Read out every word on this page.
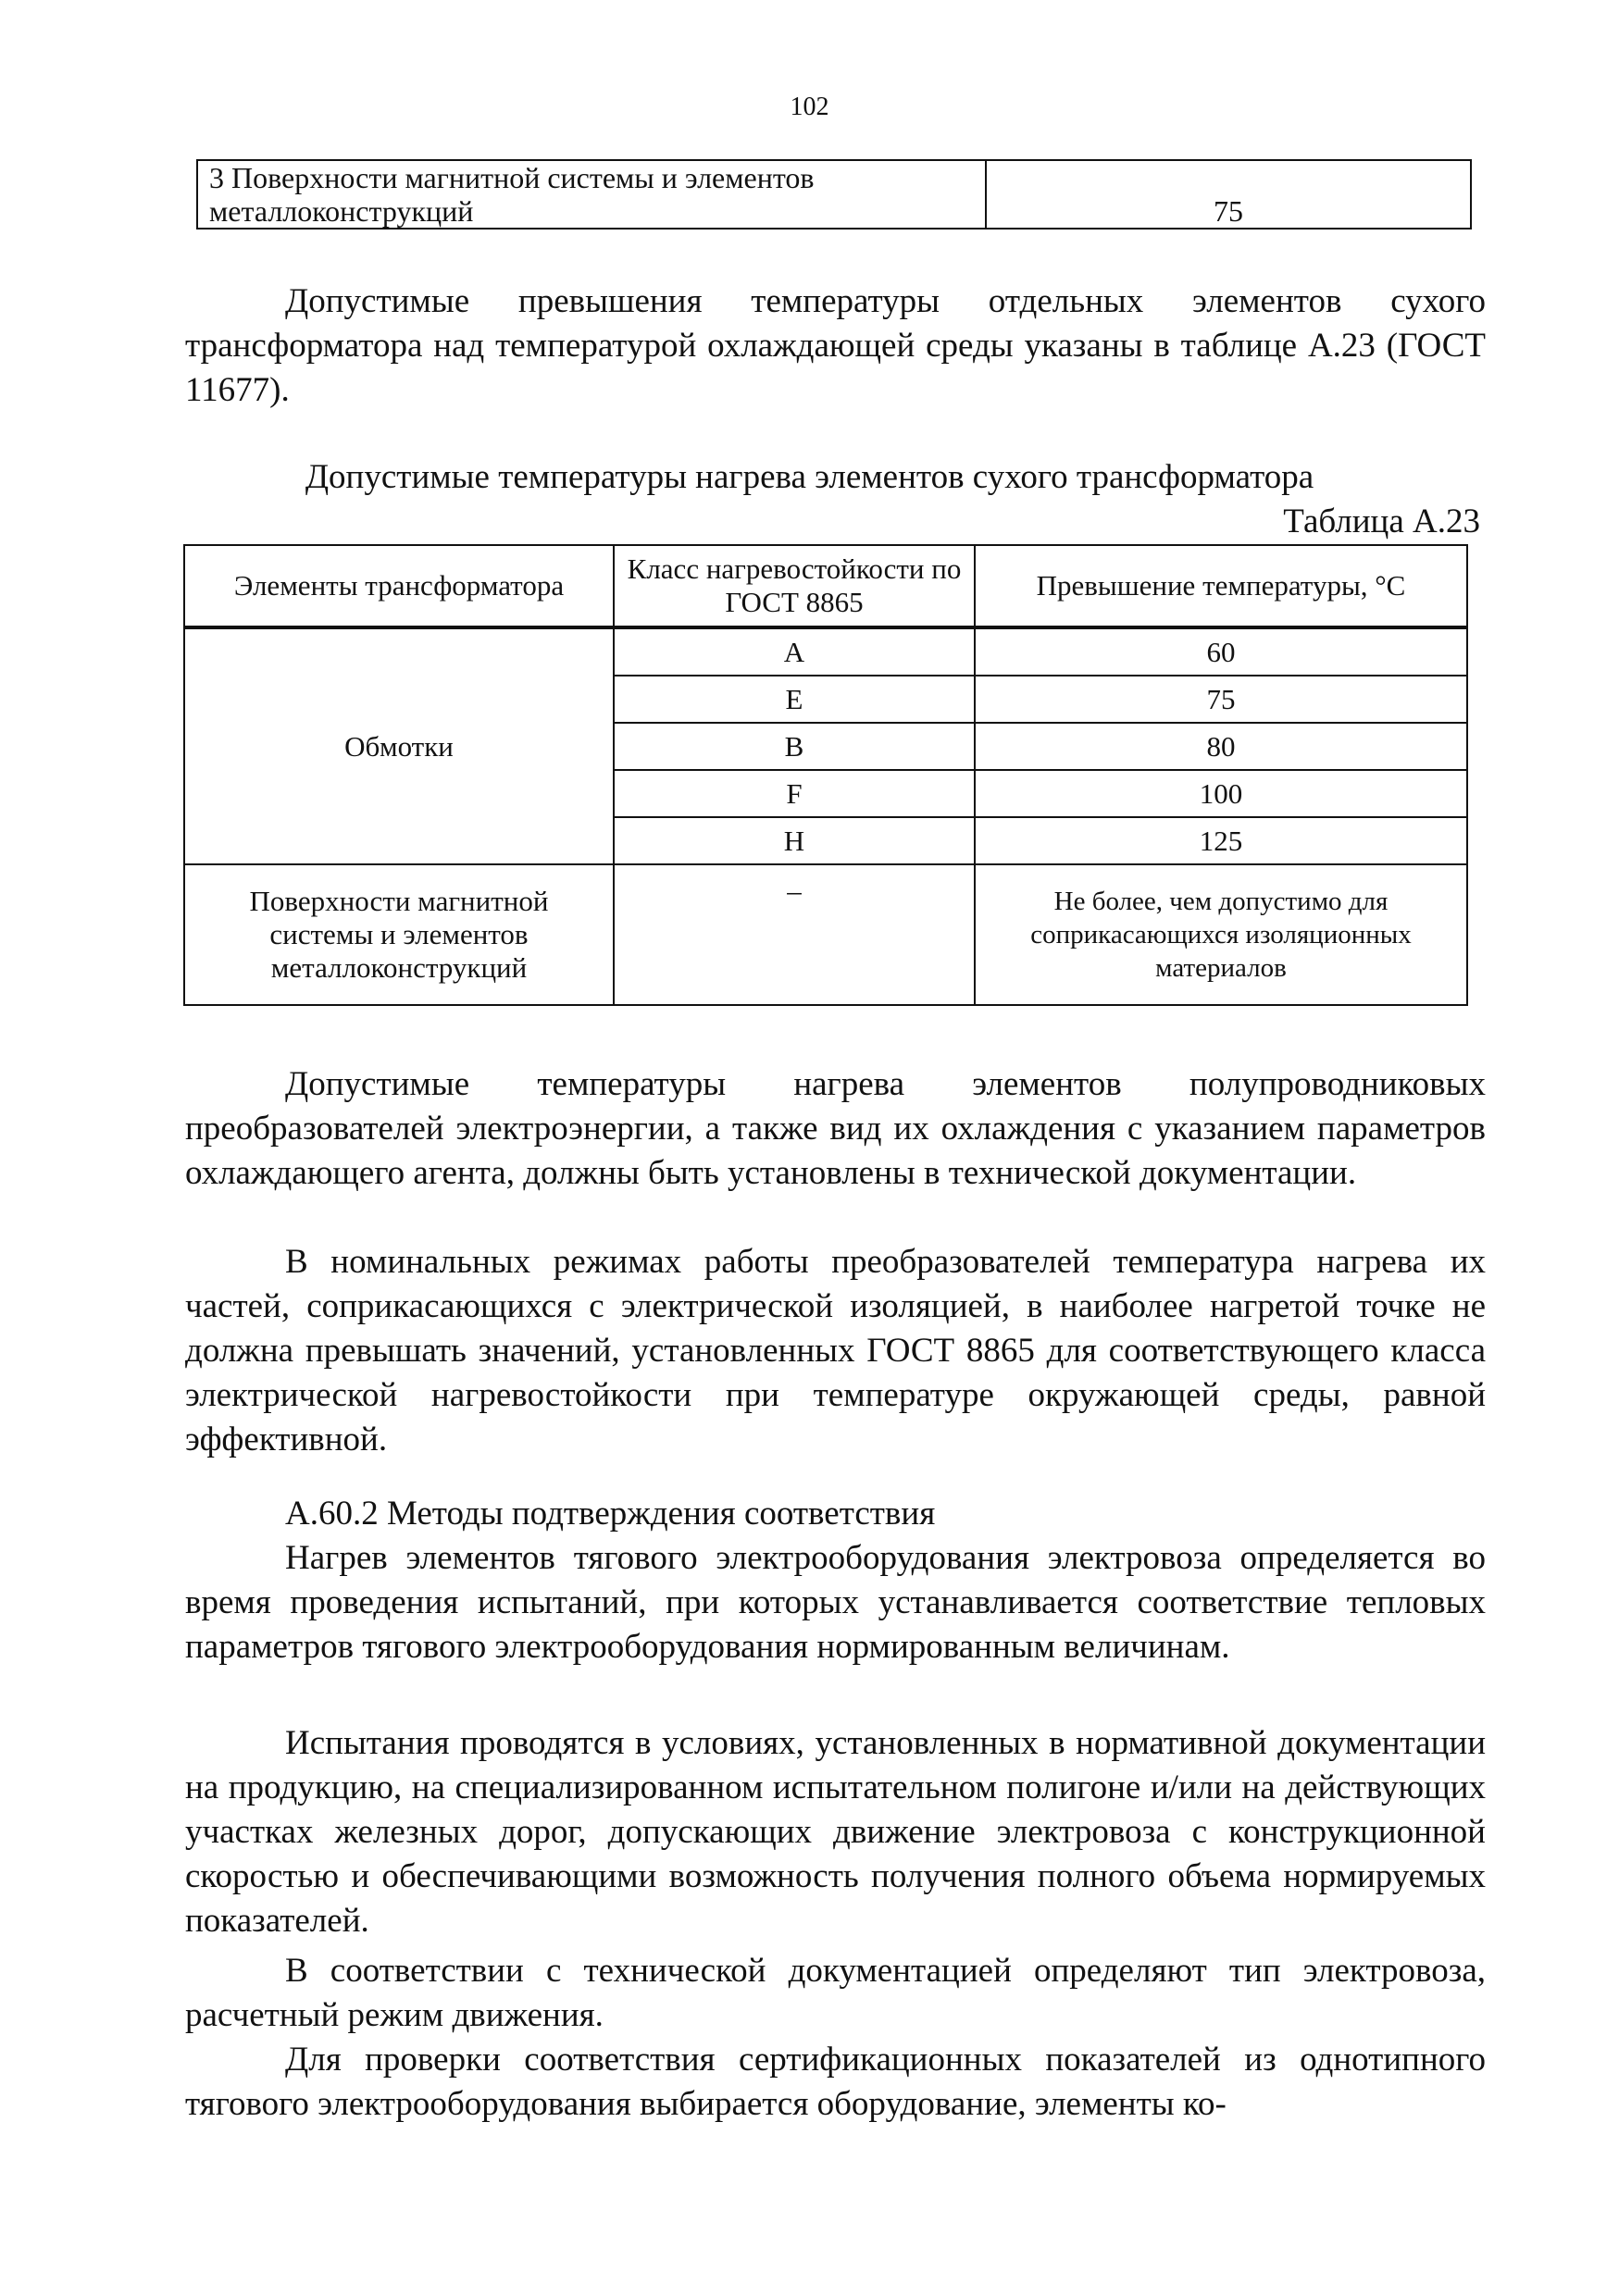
102
3 Поверхности магнитной системы и элементов металлоконструкций	75

Допустимые превышения температуры отдельных элементов сухого трансформатора над температурой охлаждающей среды указаны в таблице А.23 (ГОСТ 11677).

Допустимые температуры нагрева элементов сухого трансформатора
Таблица А.23
Элементы трансформатора	Класс нагревостойкости по ГОСТ 8865	Превышение температуры, °С
Обмотки	А	60
	Е	75
	В	80
	F	100
	Н	125
Поверхности магнитной системы и элементов металлоконструкций	–	Не более, чем допустимо для соприкасающихся изоляционных материалов

Допустимые температуры нагрева элементов полупроводниковых преобразователей электроэнергии, а также вид их охлаждения с указанием параметров охлаждающего агента, должны быть установлены в технической документации.

В номинальных режимах работы преобразователей температура нагрева их частей, соприкасающихся с электрической изоляцией, в наиболее нагретой точке не должна превышать значений, установленных ГОСТ 8865 для соответствующего класса электрической нагревостойкости при температуре окружающей среды, равной эффективной.

А.60.2 Методы подтверждения соответствия

Нагрев элементов тягового электрооборудования электровоза определяется во время проведения испытаний, при которых устанавливается соответствие тепловых параметров тягового электрооборудования нормированным величинам.

Испытания проводятся в условиях, установленных в нормативной документации на продукцию, на специализированном испытательном полигоне и/или на действующих участках железных дорог, допускающих движение электровоза с конструкционной скоростью и обеспечивающими возможность получения полного объема нормируемых показателей.

В соответствии с технической документацией определяют тип электровоза, расчетный режим движения.

Для проверки соответствия сертификационных показателей из однотипного тягового электрооборудования выбирается оборудование, элементы ко-
